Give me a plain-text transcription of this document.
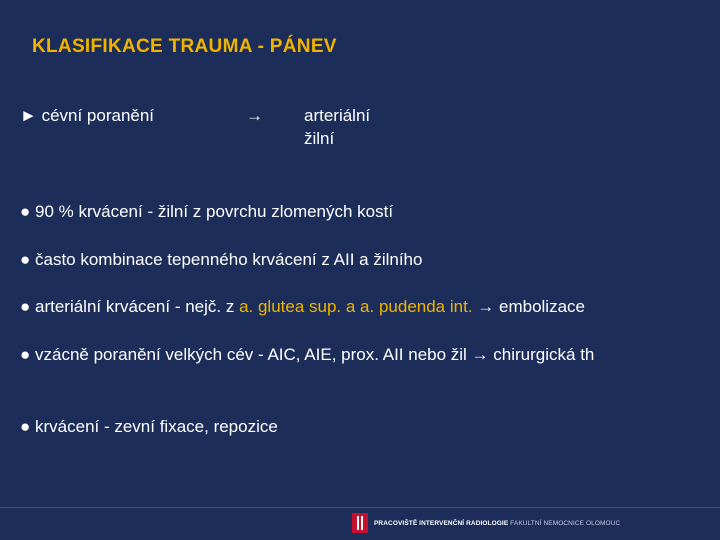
KLASIFIKACE TRAUMA - PÁNEV
► cévní poranění	→ arteriální
žilní
● 90 % krvácení - žilní z povrchu zlomených kostí
● často kombinace tepenného krvácení z AII a žilního
● arteriální krvácení - nejč. z a. glutea sup. a a. pudenda int. → embolizace
● vzácně poranění velkých cév - AIC, AIE, prox. AII nebo žil → chirurgická th
● krvácení - zevní fixace, repozice
PRACOVIŠTĚ INTERVENČNÍ RADIOLOGIE FAKULTNÍ NEMOCNICE OLOMOUC
